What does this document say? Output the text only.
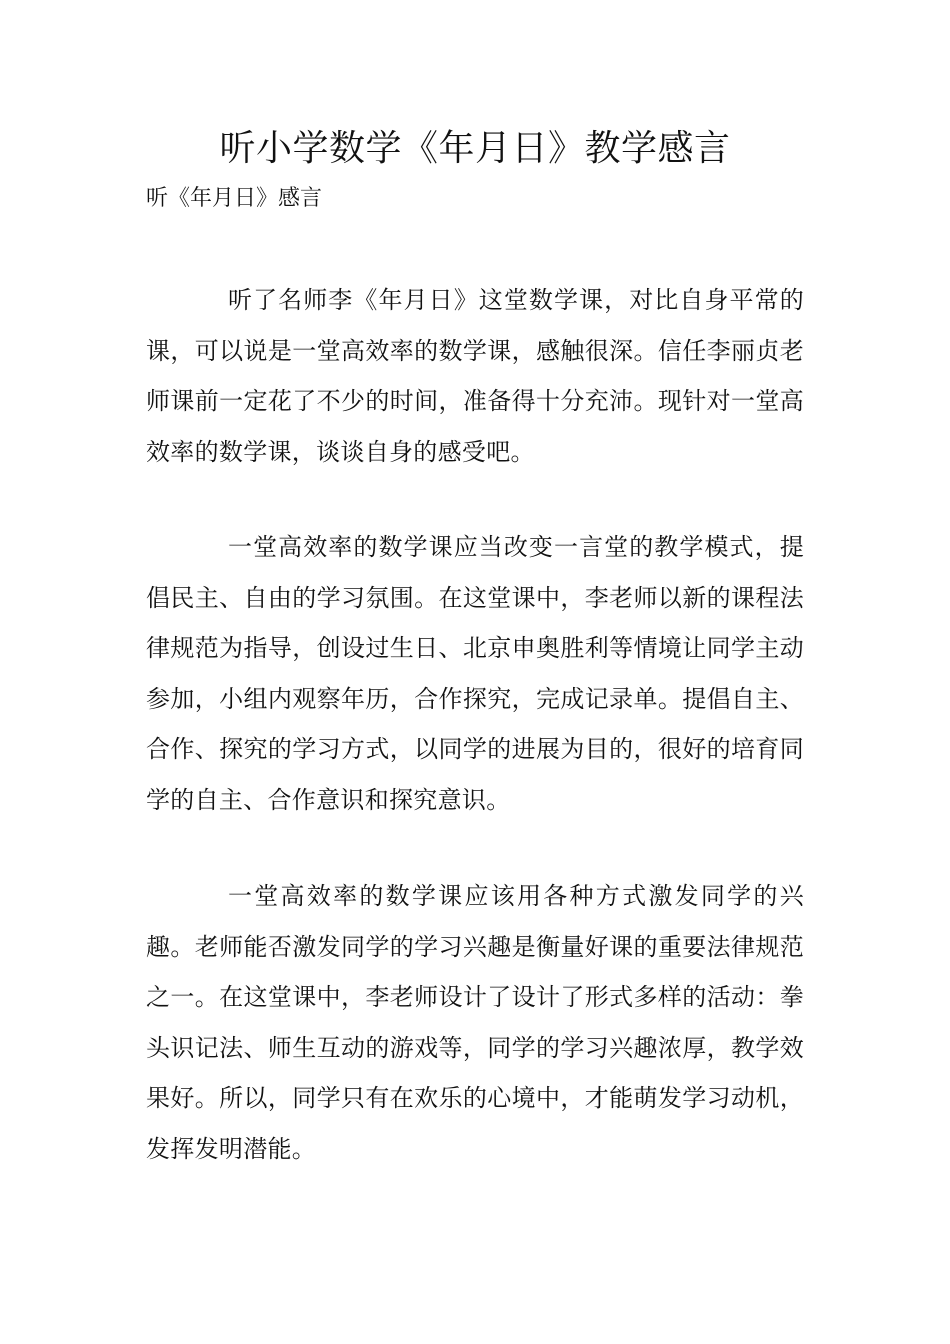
听小学数学《年月日》教学感言

听《年月日》感言

听了名师李《年月日》这堂数学课，对比自身平常的课，可以说是一堂高效率的数学课，感触很深。信任李丽贞老师课前一定花了不少的时间，准备得十分充沛。现针对一堂高效率的数学课，谈谈自身的感受吧。

一堂高效率的数学课应当改变一言堂的教学模式，提倡民主、自由的学习氛围。在这堂课中，李老师以新的课程法律规范为指导，创设过生日、北京申奥胜利等情境让同学主动参加，小组内观察年历，合作探究，完成记录单。提倡自主、合作、探究的学习方式，以同学的进展为目的，很好的培育同学的自主、合作意识和探究意识。

一堂高效率的数学课应该用各种方式激发同学的兴趣。老师能否激发同学的学习兴趣是衡量好课的重要法律规范之一。在这堂课中，李老师设计了设计了形式多样的活动：拳头识记法、师生互动的游戏等，同学的学习兴趣浓厚，教学效果好。所以，同学只有在欢乐的心境中，才能萌发学习动机，发挥发明潜能。
